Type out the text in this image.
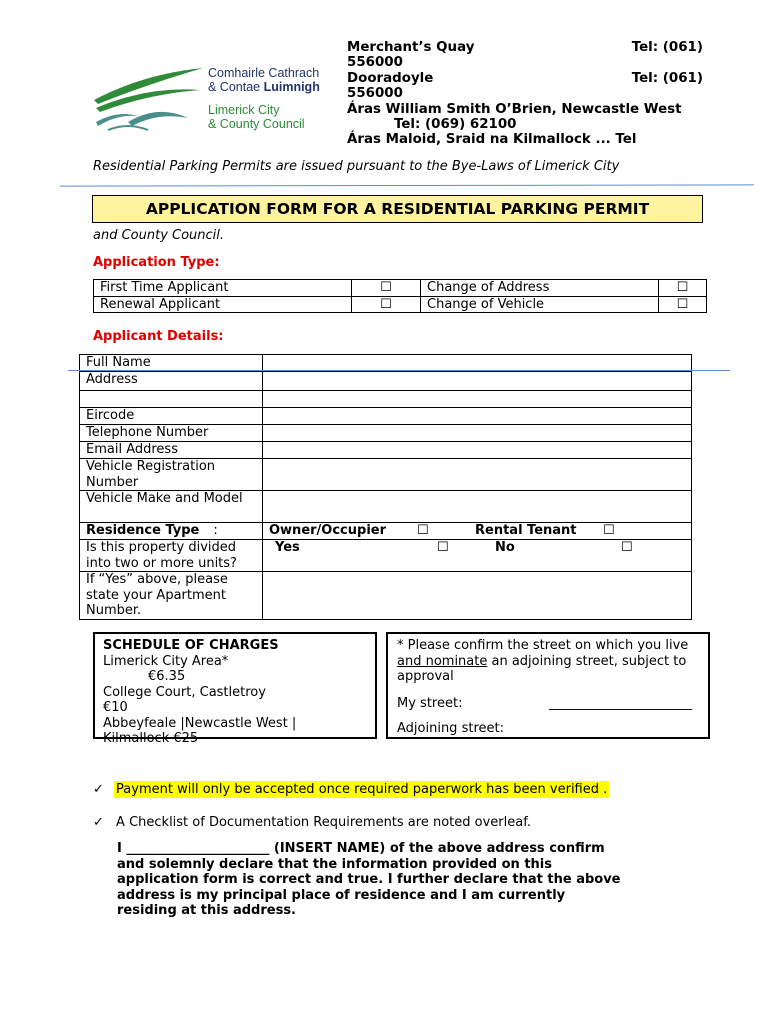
Comhairle Cathrach
& Contae Luimnigh
Limerick City
& County Council
Merchant’s Quay	Tel: (061)
556000
Dooradoyle	Tel: (061)
556000
Áras William Smith O’Brien, Newcastle West
Tel: (069) 62100
Áras Maloid, Sraid na Kilmallock ... Tel
Residential Parking Permits are issued pursuant to the Bye-Laws of Limerick City
APPLICATION FORM FOR A RESIDENTIAL PARKING PERMIT
and County Council.
Application Type:
First Time Applicant	☐	Change of Address	☐
Renewal Applicant	☐	Change of Vehicle	☐
Applicant Details:
Full Name	
Address	

Eircode	
Telephone Number	
Email Address	
Vehicle Registration Number	
Vehicle Make and Model	
Residence Type :	Owner/Occupier ☐ Rental Tenant ☐

Is this property divided into two or more units?	Yes ☐ No ☐

If “Yes” above, please state your Apartment Number.	
SCHEDULE OF CHARGES
Limerick City Area*
€6.35
College Court, Castletroy
€10
Abbeyfeale |Newcastle West |
Kilmallock €25
* Please confirm the street on which you live and nominate an adjoining street, subject to approval
My street:	______________________
Adjoining street:
✓ Payment will only be accepted once required paperwork has been verified .
✓ A Checklist of Documentation Requirements are noted overleaf.
I ______________________ (INSERT NAME) of the above address confirm
and solemnly declare that the information provided on this
application form is correct and true. I further declare that the above
address is my principal place of residence and I am currently
residing at this address.
